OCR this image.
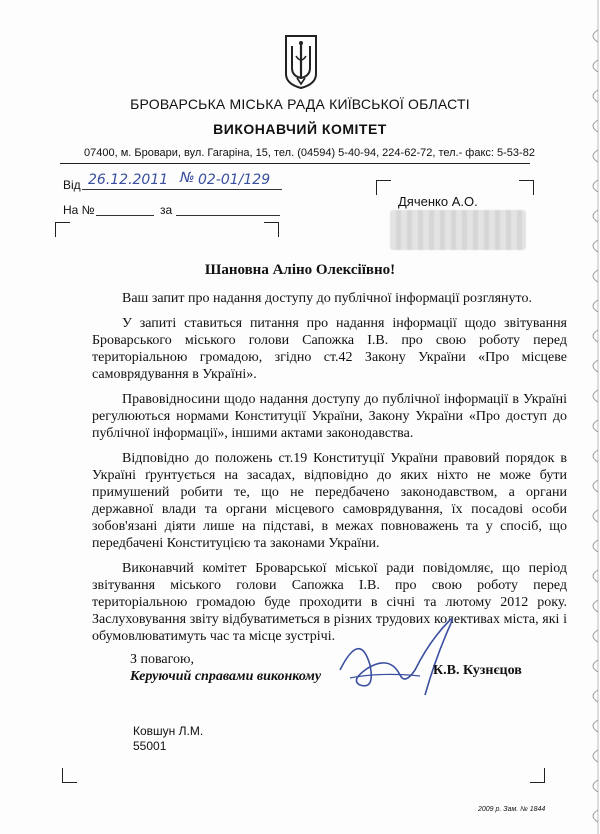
БРОВАРСЬКА МІСЬКА РАДА КИЇВСЬКОЇ ОБЛАСТІ
ВИКОНАВЧИЙ КОМІТЕТ
07400, м. Бровари, вул. Гагаріна, 15, тел. (04594) 5-40-94, 224-62-72, тел.- факс: 5-53-82
Від 26.12.2011 № 02-01/129
На №	за
Дяченко А.О.
Шановна Аліно Олексіївно!

Ваш запит про надання доступу до публічної інформації розглянуто.

У запиті ставиться питання про надання інформації щодо звітування Броварського міського голови Сапожка І.В. про свою роботу перед територіальною громадою, згідно ст.42 Закону України «Про місцеве самоврядування в Україні».

Правовідносини щодо надання доступу до публічної інформації в Україні регулюються нормами Конституції України, Закону України «Про доступ до публічної інформації», іншими актами законодавства.

Відповідно до положень ст.19 Конституції України правовий порядок в Україні ґрунтується на засадах, відповідно до яких ніхто не може бути примушений робити те, що не передбачено законодавством, а органи державної влади та органи місцевого самоврядування, їх посадові особи зобов'язані діяти лише на підставі, в межах повноважень та у спосіб, що передбачені Конституцією та законами України.

Виконавчий комітет Броварської міської ради повідомляє, що період звітування міського голови Сапожка І.В. про свою роботу перед територіальною громадою буде проходити в січні та лютому 2012 року. Заслуховування звіту відбуватиметься в різних трудових колективах міста, які і обумовлюватимуть час та місце зустрічі.

З повагою,
Керуючий справами виконкому	К.В. Кузнєцов
Ковшун Л.М.
55001
2009 р. Зам. № 1844
